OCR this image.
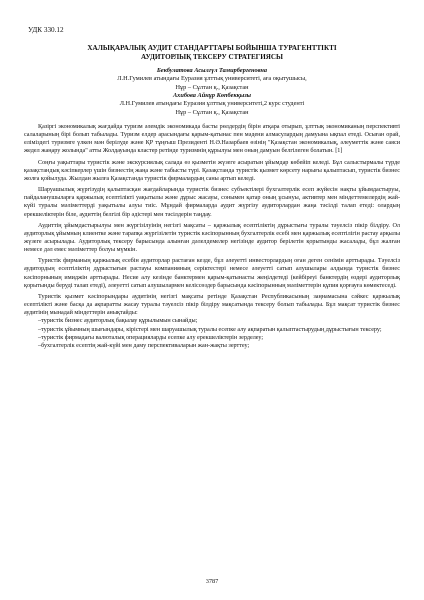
УДК 330.12
ХАЛЫҚАРАЛЫҚ АУДИТ СТАНДАРТТАРЫ БОЙЫНША ТУРАГЕНТТІКТІ
АУДИТОРЛЫҚ ТЕКСЕРУ СТРАТЕГИЯСЫ
Бекбулатова Асылгүл Тамирбергеновна
Л.Н.Гумилев атындағы Еуразия ұлттық университеті, аға оқытушысы,
Нұр – Сұлтан қ., Қазақстан
Ахибова Айнұр Көпбекқызы
Л.Н.Гумилев атындағы Еуразия ұлттық университеті,2 курс студенті
Нұр – Сұлтан қ., Қазақстан

Қазіргі экономикалық жағдайда туризм әлемдік экономикада басты рөлдердің бірін атқара отырып, ұлттық экономиканың перспективті салаларының бірі болып табылады. Туризм елдер арасындағы қарым-қатынас пен мәдени алмасулардың дамуына ықпал етеді. Осыған орай, еліміздегі туризмге үлкен мән берілуде және ҚР тұңғыш Президенті Н.Ә.Назарбаев өзінің "Қазақстан экономикалық, әлеуметтік және саяси жедел жаңару жолында" атты Жолдауында кластер ретінде туризмнің құрылуы мен оның дамуын белгілеген болатын. [1]

Соңғы уақыттары туристік және экскурсиялық салада өз қызметін жүзеге асыратын ұйымдар көбейіп келеді. Бұл салыстырмалы түрде қазақстандық кәсіпкерлер үшін бизнестің жаңа және табысты түрі. Қазақстанда туристік қызмет көрсету нарығы қалыптасып, туристік бизнес жолға қойылуда. Жылдан жылға Қазақстанда туристік фирмалардың саны артып келеді.

Шаруашылық жүргізудің қалыптасқан жағдайларында туристік бизнес субъектілері бухгалтерлік есеп жүйесін нақты ұйымдастыруы, пайдаланушыларға қаржылық есептілікті уақытылы және дұрыс жасауы, сонымен қатар оның ұсынуы, активтер мен міндеттемелердің жай-күйі туралы мәліметтерді уақытылы алуы тиіс. Мұндай фирмаларда аудит жүргізу аудиторлардан жаңа тәсілді талап етеді: олардың ерекшеліктерін біле, аудиттің белгілі бір әдістері мен тәсілдерін таңдау.

Аудиттің ұйымдастырылуы мен жүргізілуінің негізгі мақсаты – қаржылық есептіліктің дұрыстығы туралы тәуелсіз пікір білдіру. Ол аудиторлық ұйымның клиентке және тарапқа жүргізілетін туристік кәсіпорынның бухгалтерлік есебі мен қаржылық есептілігін растау арқылы жүзеге асырылады. Аудиторлық тексеру барысында алынған дәлелдемелер негізінде аудитор берілетін қорытынды жасалады, бұл жалған немесе дәл емес мәліметтер болуы мүмкін.

Туристік фирманың қаржылық есебін аудиторлар растаған кезде, бұл әлеуетті инвесторлардың оған деген сенімін арттырады. Тәуелсіз аудитордың есептіліктің дұрыстығын растауы компанияның серіктестері немесе әлеуетті сатып алушылары алдында туристік бизнес кәсіпорнының имиджін арттырады. Несие алу кезінде банктермен қарым-қатынасты жеңілдетеді (кейбіреуі банктердің өздері аудиторлық қорытынды беруді талап етеді), әлеуетті сатып алушылармен келіссөздер барысында кәсіпорынның мәліметтерін құпия қорғауға көмектеседі.

Туристік қызмет кәсіпорындары аудитінің негізгі мақсаты ретінде Қазақстан Республикасының заңнамасына сәйкес қаржылық есептілікті және басқа да ақпаратты жасау туралы тәуелсіз пікір білдіру мақсатында тексеру болып табылады. Бұл мақсат туристік бизнес аудитінің мынадай міндеттерін анықтайды:

–туристік бизнес аудиторлық бақылау құрылымын сынайды;

–туристік ұйымның шығындары, кірістері мен шаруашылық туралы есепке алу ақпаратын қалыптастырудың дұрыстығын тексеру;

–туристік фирмадағы валюталық операцияларды есепке алу ерекшеліктерін зерделеу;

–бухгалтерлік есептің жай-күйі мен даму перспективаларын жан-жақты зерттеу;

3787
